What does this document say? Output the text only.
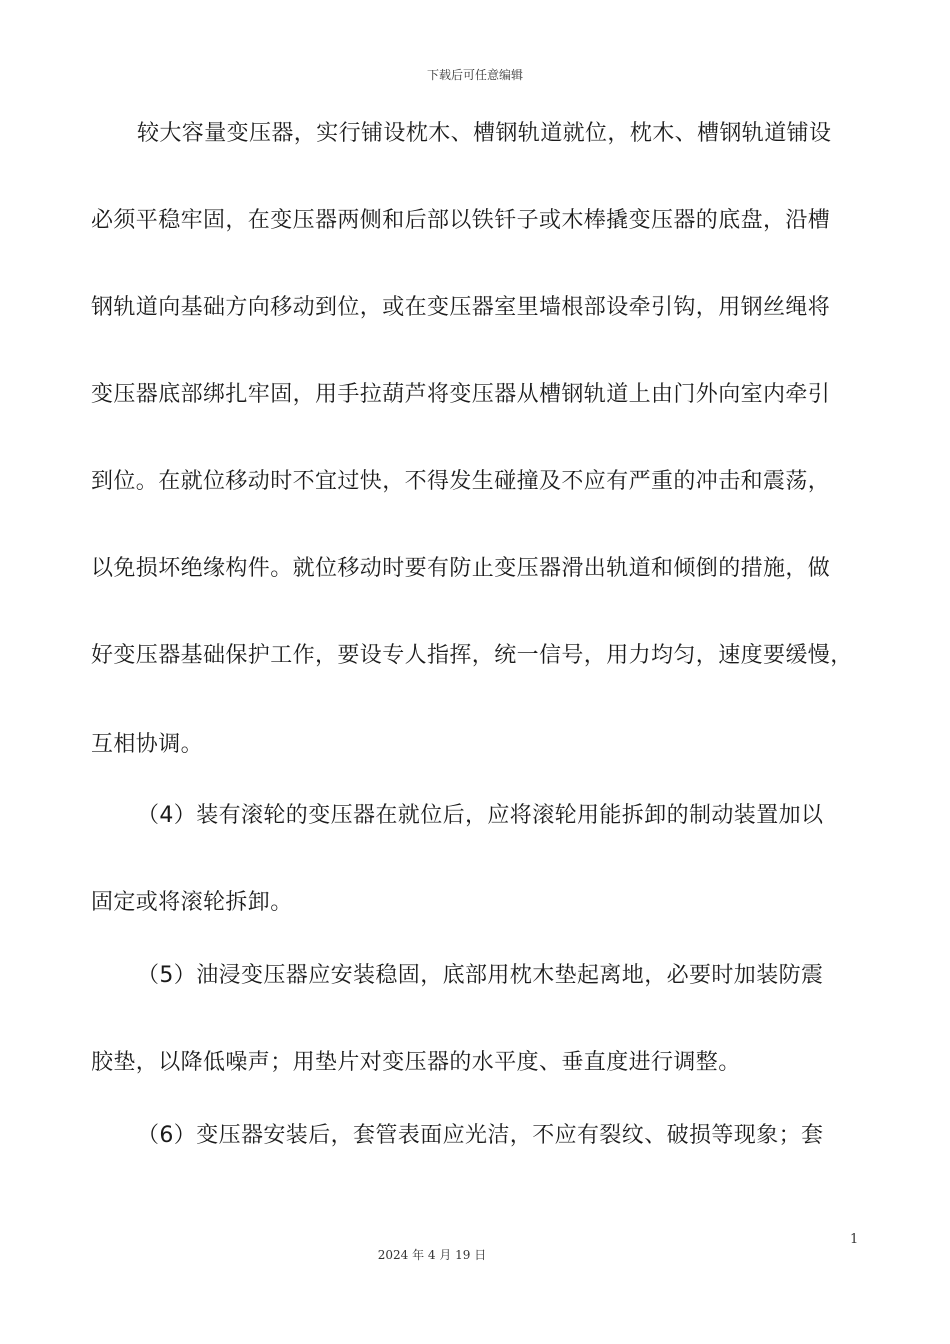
下载后可任意编辑
较大容量变压器，实行铺设枕木、槽钢轨道就位，枕木、槽钢轨道铺设
必须平稳牢固，在变压器两侧和后部以铁钎子或木棒撬变压器的底盘，沿槽
钢轨道向基础方向移动到位，或在变压器室里墙根部设牵引钩，用钢丝绳将
变压器底部绑扎牢固，用手拉葫芦将变压器从槽钢轨道上由门外向室内牵引
到位。在就位移动时不宜过快，不得发生碰撞及不应有严重的冲击和震荡，
以免损坏绝缘构件。就位移动时要有防止变压器滑出轨道和倾倒的措施，做
好变压器基础保护工作，要设专人指挥，统一信号，用力均匀，速度要缓慢，
互相协调。
（4）装有滚轮的变压器在就位后，应将滚轮用能拆卸的制动装置加以
固定或将滚轮拆卸。
（5）油浸变压器应安装稳固，底部用枕木垫起离地，必要时加装防震
胶垫，以降低噪声；用垫片对变压器的水平度、垂直度进行调整。
（6）变压器安装后，套管表面应光洁，不应有裂纹、破损等现象；套
1
2024 年 4 月 19 日
